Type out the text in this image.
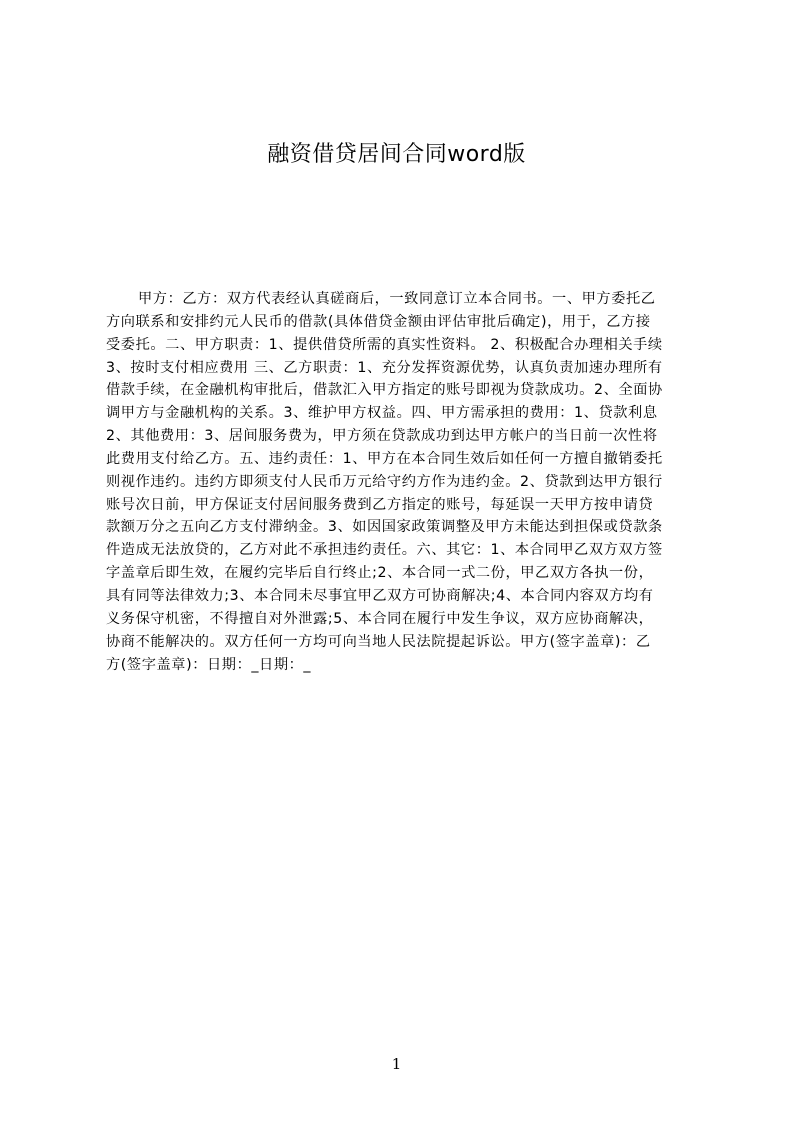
融资借贷居间合同word版
甲方：乙方：双方代表经认真磋商后，一致同意订立本合同书。一、甲方委托乙
方向联系和安排约元人民币的借款(具体借贷金额由评估审批后确定)，用于，乙方接
受委托。二、甲方职责：1、提供借贷所需的真实性资料。 2、积极配合办理相关手续
3、按时支付相应费用 三、乙方职责：1、充分发挥资源优势，认真负责加速办理所有
借款手续，在金融机构审批后，借款汇入甲方指定的账号即视为贷款成功。2、全面协
调甲方与金融机构的关系。3、维护甲方权益。四、甲方需承担的费用：1、贷款利息
2、其他费用：3、居间服务费为，甲方须在贷款成功到达甲方帐户的当日前一次性将
此费用支付给乙方。五、违约责任：1、甲方在本合同生效后如任何一方擅自撤销委托
则视作违约。违约方即须支付人民币万元给守约方作为违约金。2、贷款到达甲方银行
账号次日前，甲方保证支付居间服务费到乙方指定的账号，每延误一天甲方按申请贷
款额万分之五向乙方支付滞纳金。3、如因国家政策调整及甲方未能达到担保或贷款条
件造成无法放贷的，乙方对此不承担违约责任。六、其它：1、本合同甲乙双方双方签
字盖章后即生效，在履约完毕后自行终止;2、本合同一式二份，甲乙双方各执一份，
具有同等法律效力;3、本合同未尽事宜甲乙双方可协商解决;4、本合同内容双方均有
义务保守机密，不得擅自对外泄露;5、本合同在履行中发生争议，双方应协商解决，
协商不能解决的。双方任何一方均可向当地人民法院提起诉讼。甲方(签字盖章)：乙
方(签字盖章)：日期：_日期：_
1
